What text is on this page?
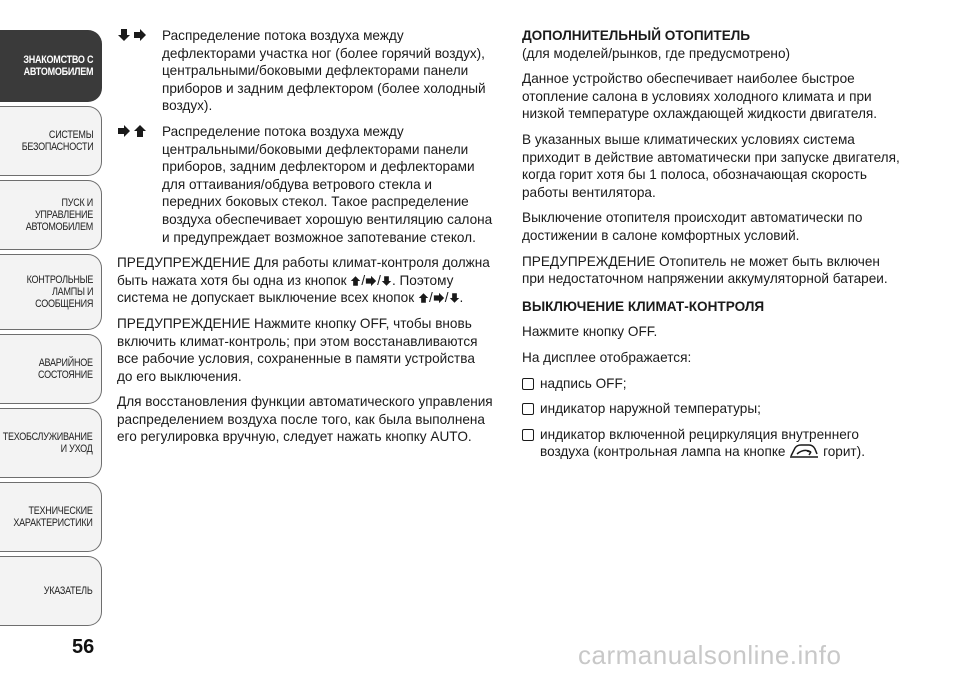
ЗНАКОМСТВО С
АВТОМОБИЛЕМ
СИСТЕМЫ
БЕЗОПАСНОСТИ
ПУСК И УПРАВЛЕНИЕ
АВТОМОБИЛЕМ
КОНТРОЛЬНЫЕ
ЛАМПЫ И
СООБЩЕНИЯ
АВАРИЙНОЕ
СОСТОЯНИЕ
ТЕХОБСЛУЖИВАНИЕ
И УХОД
ТЕХНИЧЕСКИЕ
ХАРАКТЕРИСТИКИ
УКАЗАТЕЛЬ
56
Распределение потока воздуха между дефлекторами участка ног (более горячий воздух), центральными/боковыми дефлекторами панели приборов и задним дефлектором (более холодный воздух).
Распределение потока воздуха между центральными/боковыми дефлекторами панели приборов, задним дефлектором и дефлекторами для оттаивания/обдува ветрового стекла и передних боковых стекол. Такое распределение воздуха обеспечивает хорошую вентиляцию салона и предупреждает возможное запотевание стекол.
ПРЕДУПРЕЖДЕНИЕ Для работы климат-контроля должна быть нажата хотя бы одна из кнопок / / . Поэтому система не допускает выключение всех кнопок / / .
ПРЕДУПРЕЖДЕНИЕ Нажмите кнопку OFF, чтобы вновь включить климат-контроль; при этом восстанавливаются все рабочие условия, сохраненные в памяти устройства до его выключения.
Для восстановления функции автоматического управления распределением воздуха после того, как была выполнена его регулировка вручную, следует нажать кнопку AUTO.
ДОПОЛНИТЕЛЬНЫЙ ОТОПИТЕЛЬ
(для моделей/рынков, где предусмотрено)
Данное устройство обеспечивает наиболее быстрое отопление салона в условиях холодного климата и при низкой температуре охлаждающей жидкости двигателя.
В указанных выше климатических условиях система приходит в действие автоматически при запуске двигателя, когда горит хотя бы 1 полоса, обозначающая скорость работы вентилятора.
Выключение отопителя происходит автоматически по достижении в салоне комфортных условий.
ПРЕДУПРЕЖДЕНИЕ Отопитель не может быть включен при недостаточном напряжении аккумуляторной батареи.
ВЫКЛЮЧЕНИЕ КЛИМАТ-КОНТРОЛЯ
Нажмите кнопку OFF.
На дисплее отображается:
надпись OFF;
индикатор наружной температуры;
индикатор включенной рециркуляция внутреннего воздуха (контрольная лампа на кнопке	горит).
carmanualsonline.info
